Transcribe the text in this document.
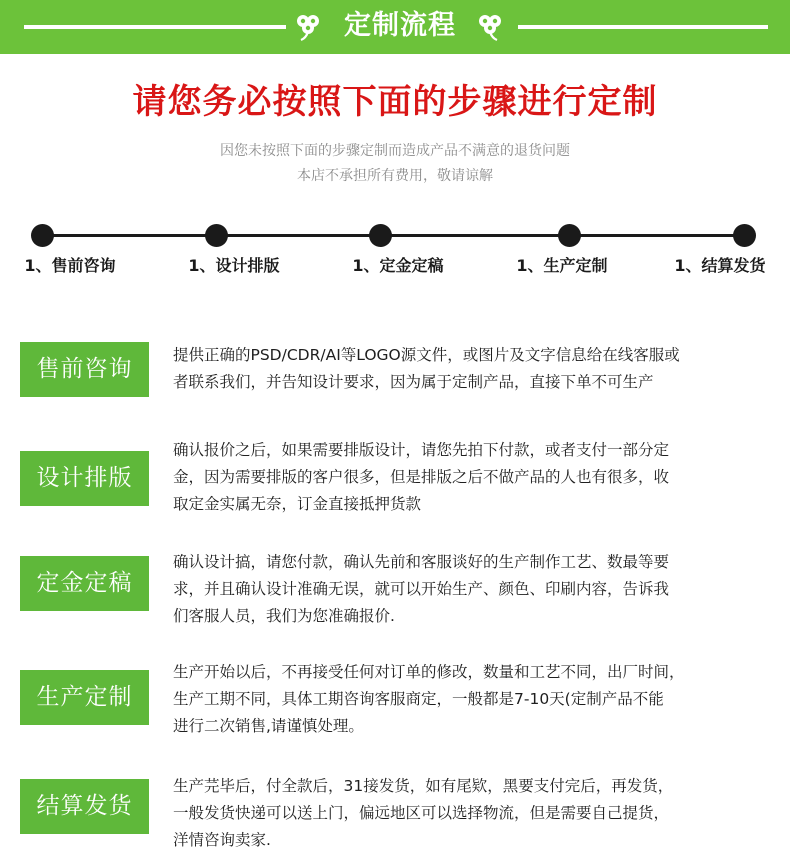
定制流程
请您务必按照下面的步骤进行定制
因您未按照下面的步骤定制而造成产品不满意的退货问题
本店不承担所有费用，敬请谅解
1、售前咨询	1、设计排版	1、定金定稿	1、生产定制	1、结算发货
售前咨询
提供正确的PSD/CDR/AI等LOGO源文件，或图片及文字信息给在线客服或
者联系我们，并告知设计要求，因为属于定制产品，直接下单不可生产
设计排版
确认报价之后，如果需要排版设计，请您先拍下付款，或者支付一部分定
金，因为需要排版的客户很多，但是排版之后不做产品的人也有很多，收
取定金实属无奈，订金直接抵押货款
定金定稿
确认设计搞，请您付款，确认先前和客服谈好的生产制作工艺、数最等要
求，并且确认设计准确无误，就可以开始生产、颜色、印刷内容，告诉我
们客服人员，我们为您准确报价.
生产定制
生产开始以后，不再接受任何对订单的修改，数量和工艺不同，出厂时间，
生产工期不同，具体工期咨询客服商定，一般都是7-10天(定制产品不能
进行二次销售,请谨慎处理。
结算发货
生产芫毕后，付全款后，31接发货，如有尾欵，黑要支付完后，再发货，
一般发货快递可以送上门，偏远地区可以选择物流，但是需要自己提货，
洋情咨询卖家.
